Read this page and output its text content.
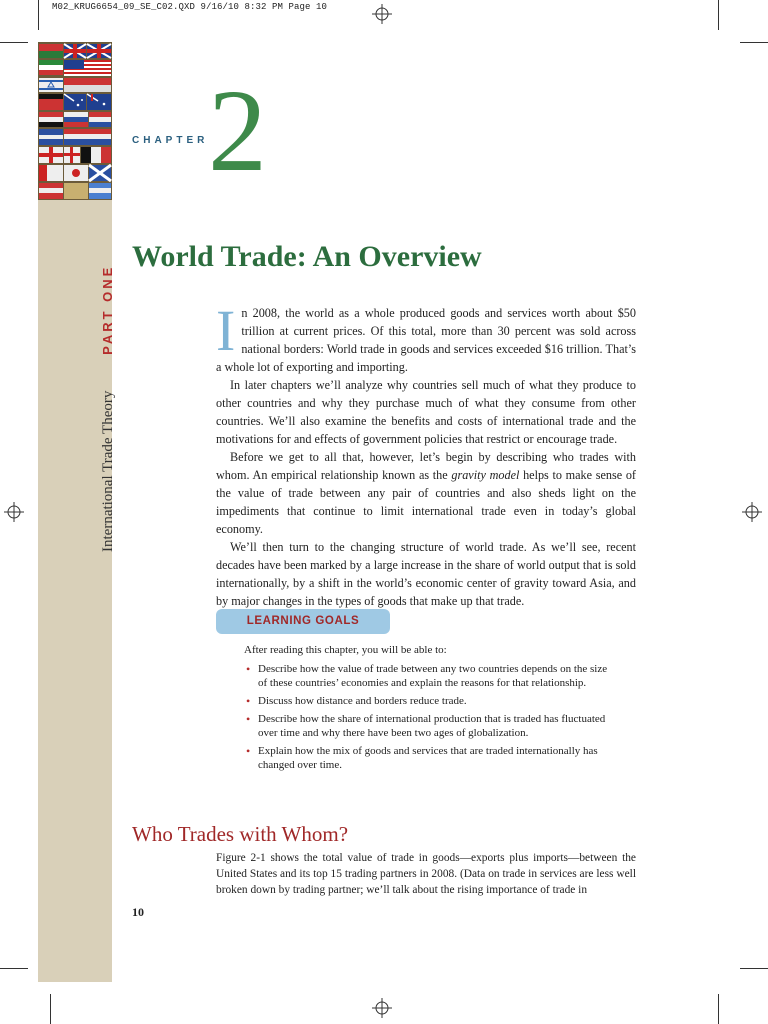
M02_KRUG6654_09_SE_C02.QXD 9/16/10 8:32 PM Page 10
International Trade Theory PART ONE
CHAPTER 2
World Trade: An Overview

In 2008, the world as a whole produced goods and services worth about $50 trillion at current prices. Of this total, more than 30 percent was sold across national borders: World trade in goods and services exceeded $16 trillion. That’s a whole lot of exporting and importing.

In later chapters we’ll analyze why countries sell much of what they produce to other countries and why they purchase much of what they consume from other countries. We’ll also examine the benefits and costs of international trade and the motivations for and effects of government policies that restrict or encourage trade.

Before we get to all that, however, let’s begin by describing who trades with whom. An empirical relationship known as the gravity model helps to make sense of the value of trade between any pair of countries and also sheds light on the impediments that continue to limit international trade even in today’s global economy.

We’ll then turn to the changing structure of world trade. As we’ll see, recent decades have been marked by a large increase in the share of world output that is sold internationally, by a shift in the world’s economic center of gravity toward Asia, and by major changes in the types of goods that make up that trade.

LEARNING GOALS
After reading this chapter, you will be able to:
• Describe how the value of trade between any two countries depends on the size of these countries’ economies and explain the reasons for that relationship.
• Discuss how distance and borders reduce trade.
• Describe how the share of international production that is traded has fluctuated over time and why there have been two ages of globalization.
• Explain how the mix of goods and services that are traded internationally has changed over time.
Who Trades with Whom?

Figure 2-1 shows the total value of trade in goods—exports plus imports—between the United States and its top 15 trading partners in 2008. (Data on trade in services are less well broken down by trading partner; we’ll talk about the rising importance of trade in

10
